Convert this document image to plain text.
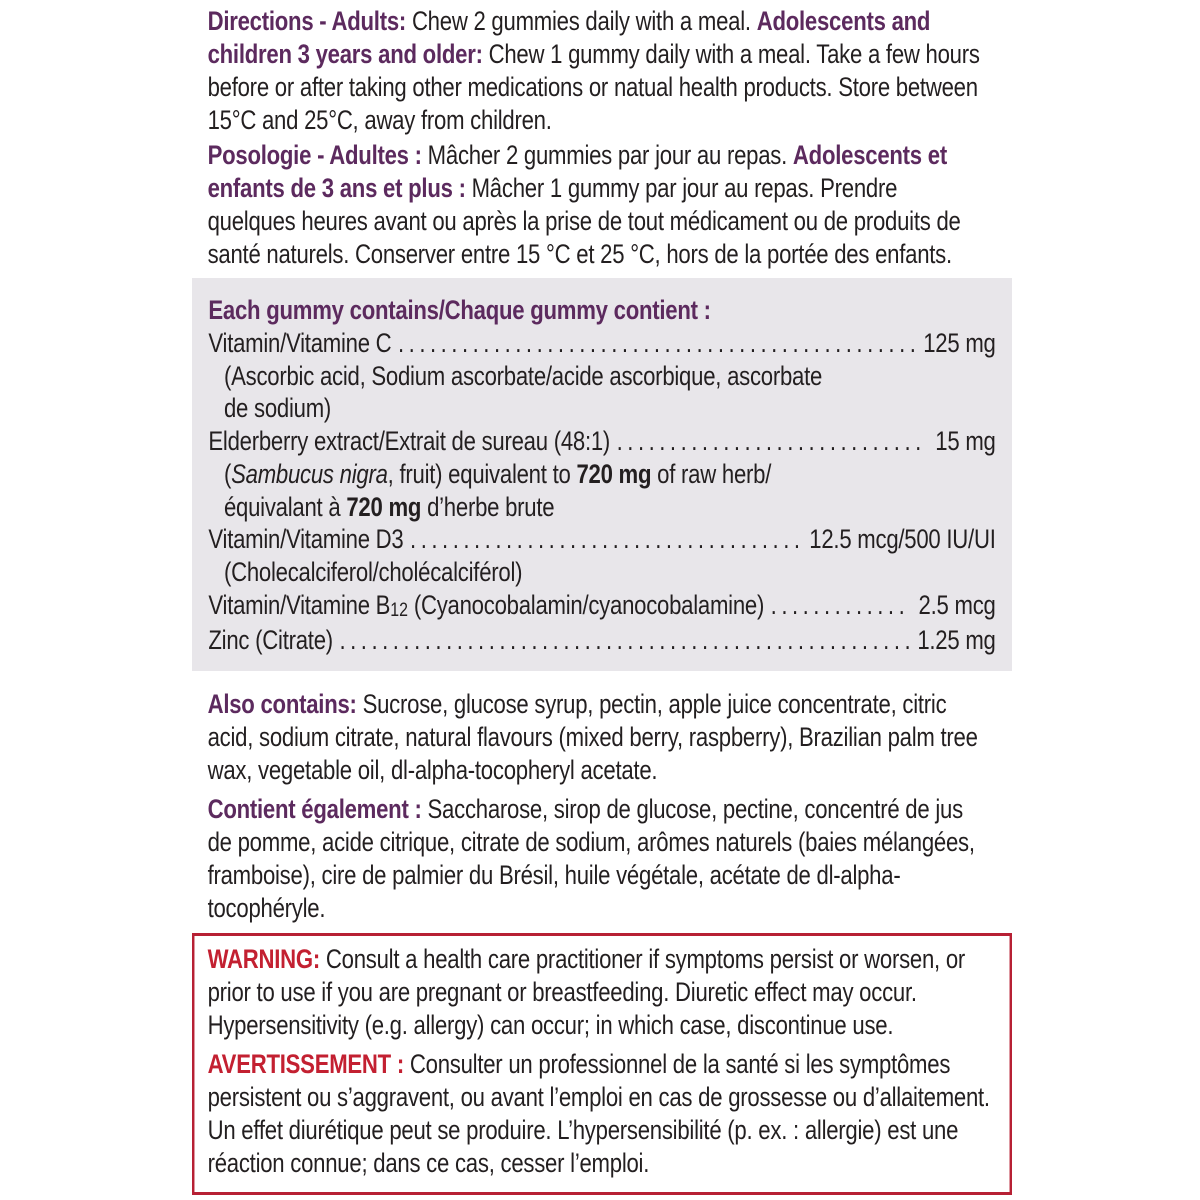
Directions - Adults: Chew 2 gummies daily with a meal. Adolescents and children 3 years and older: Chew 1 gummy daily with a meal. Take a few hours before or after taking other medications or natual health products. Store between 15°C and 25°C, away from children.

Posologie - Adultes : Mâcher 2 gummies par jour au repas. Adolescents et enfants de 3 ans et plus : Mâcher 1 gummy par jour au repas. Prendre quelques heures avant ou après la prise de tout médicament ou de produits de santé naturels. Conserver entre 15 °C et 25 °C, hors de la portée des enfants.

Each gummy contains/Chaque gummy contient :
Vitamin/Vitamine C .....	125 mg
(Ascorbic acid, Sodium ascorbate/acide ascorbique, ascorbate
de sodium)
Elderberry extract/Extrait de sureau (48:1) .....	15 mg
(Sambucus nigra, fruit) equivalent to 720 mg of raw herb/
équivalant à 720 mg d’herbe brute
Vitamin/Vitamine D3 .....	12.5 mcg/500 IU/UI
(Cholecalciferol/cholécalciférol)
Vitamin/Vitamine B12 (Cyanocobalamin/cyanocobalamine) .....	2.5 mcg
Zinc (Citrate) .....	1.25 mg

Also contains: Sucrose, glucose syrup, pectin, apple juice concentrate, citric acid, sodium citrate, natural flavours (mixed berry, raspberry), Brazilian palm tree wax, vegetable oil, dl-alpha-tocopheryl acetate.

Contient également : Saccharose, sirop de glucose, pectine, concentré de jus de pomme, acide citrique, citrate de sodium, arômes naturels (baies mélangées, framboise), cire de palmier du Brésil, huile végétale, acétate de dl-alpha-tocophéryle.

WARNING: Consult a health care practitioner if symptoms persist or worsen, or prior to use if you are pregnant or breastfeeding. Diuretic effect may occur. Hypersensitivity (e.g. allergy) can occur; in which case, discontinue use.

AVERTISSEMENT : Consulter un professionnel de la santé si les symptômes persistent ou s’aggravent, ou avant l’emploi en cas de grossesse ou d’allaitement. Un effet diurétique peut se produire. L’hypersensibilité (p. ex. : allergie) est une réaction connue; dans ce cas, cesser l’emploi.
